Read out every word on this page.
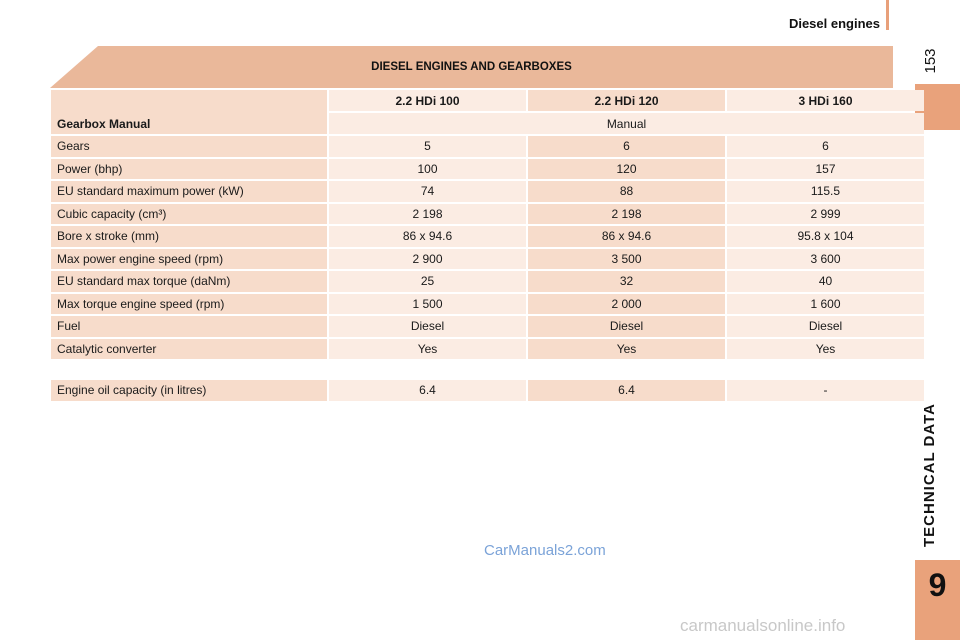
Diesel engines
153
TECHNICAL DATA
9
DIESEL ENGINES AND GEARBOXES
Gearbox Manual	2.2 HDi 100	2.2 HDi 120	3 HDi 160
	Manual		
Gears	5	6	6
Power (bhp)	100	120	157
EU standard maximum power (kW)	74	88	115.5
Cubic capacity (cm³)	2 198	2 198	2 999
Bore x stroke (mm)	86 x 94.6	86 x 94.6	95.8 x 104
Max power engine speed (rpm)	2 900	3 500	3 600
EU standard max torque (daNm)	25	32	40
Max torque engine speed (rpm)	1 500	2 000	1 600
Fuel	Diesel	Diesel	Diesel
Catalytic converter	Yes	Yes	Yes
Engine oil capacity (in litres)	6.4	6.4	-
CarManuals2.com
carmanualsonline.info
